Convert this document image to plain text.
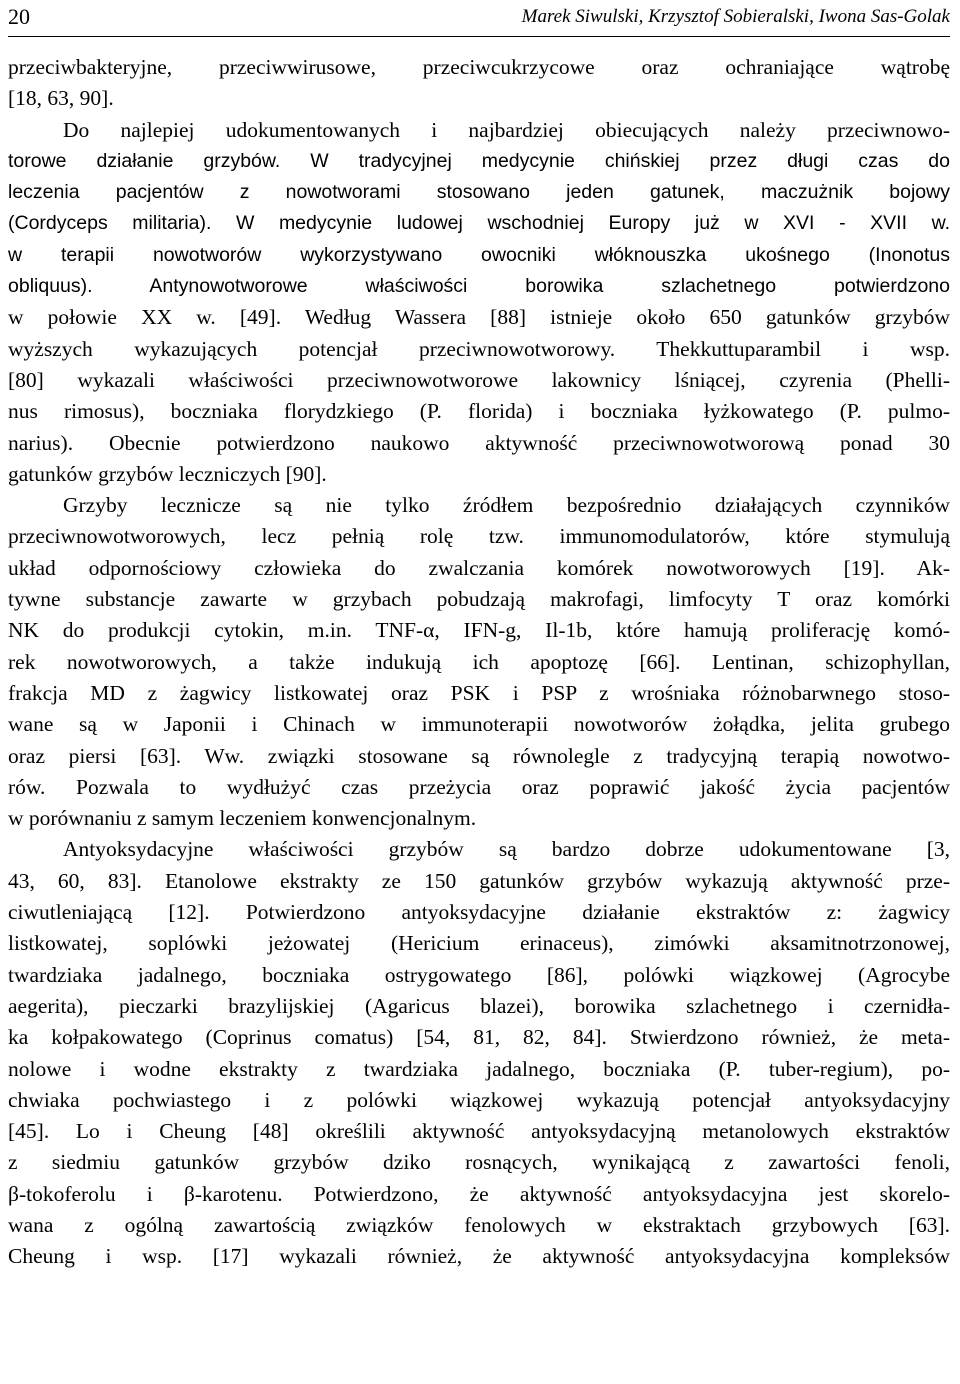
20	Marek Siwulski, Krzysztof Sobieralski, Iwona Sas-Golak
przeciwbakteryjne, przeciwwirusowe, przeciwcukrzycowe oraz ochraniające wątrobę
[18, 63, 90].
Do najlepiej udokumentowanych i najbardziej obiecujących należy przeciwnowo-
torowe działanie grzybów. W tradycyjnej medycynie chińskiej przez długi czas do
leczenia pacjentów z nowotworami stosowano jeden gatunek, maczużnik bojowy
(Cordyceps militaria). W medycynie ludowej wschodniej Europy już w XVI - XVII w.
w terapii nowotworów wykorzystywano owocniki włóknouszka ukośnego (Inonotus
obliquus). Antynowotworowe właściwości borowika szlachetnego potwierdzono
w połowie XX w. [49]. Według Wassera [88] istnieje około 650 gatunków grzybów
wyższych wykazujących potencjał przeciwnowotworowy. Thekkuttuparambil i wsp.
[80] wykazali właściwości przeciwnowotworowe lakownicy lśniącej, czyrenia (Phelli-
nus rimosus), boczniaka florydzkiego (P. florida) i boczniaka łyżkowatego (P. pulmo-
narius). Obecnie potwierdzono naukowo aktywność przeciwnowotworową ponad 30
gatunków grzybów leczniczych [90].
Grzyby lecznicze są nie tylko źródłem bezpośrednio działających czynników
przeciwnowotworowych, lecz pełnią rolę tzw. immunomodulatorów, które stymulują
układ odpornościowy człowieka do zwalczania komórek nowotworowych [19]. Ak-
tywne substancje zawarte w grzybach pobudzają makrofagi, limfocyty T oraz komórki
NK do produkcji cytokin, m.in. TNF-α, IFN-g, Il-1b, które hamują proliferację komó-
rek nowotworowych, a także indukują ich apoptozę [66]. Lentinan, schizophyllan,
frakcja MD z żagwicy listkowatej oraz PSK i PSP z wrośniaka różnobarwnego stoso-
wane są w Japonii i Chinach w immunoterapii nowotworów żołądka, jelita grubego
oraz piersi [63]. Ww. związki stosowane są równolegle z tradycyjną terapią nowotwo-
rów. Pozwala to wydłużyć czas przeżycia oraz poprawić jakość życia pacjentów
w porównaniu z samym leczeniem konwencjonalnym.
Antyoksydacyjne właściwości grzybów są bardzo dobrze udokumentowane [3,
43, 60, 83]. Etanolowe ekstrakty ze 150 gatunków grzybów wykazują aktywność prze-
ciwutleniającą [12]. Potwierdzono antyoksydacyjne działanie ekstraktów z: żagwicy
listkowatej, soplówki jeżowatej (Hericium erinaceus), zimówki aksamitnotrzonowej,
twardziaka jadalnego, boczniaka ostrygowatego [86], polówki wiązkowej (Agrocybe
aegerita), pieczarki brazylijskiej (Agaricus blazei), borowika szlachetnego i czernidła-
ka kołpakowatego (Coprinus comatus) [54, 81, 82, 84]. Stwierdzono również, że meta-
nolowe i wodne ekstrakty z twardziaka jadalnego, boczniaka (P. tuber-regium), po-
chwiaka pochwiastego i z polówki wiązkowej wykazują potencjał antyoksydacyjny
[45]. Lo i Cheung [48] określili aktywność antyoksydacyjną metanolowych ekstraktów
z siedmiu gatunków grzybów dziko rosnących, wynikającą z zawartości fenoli,
β-tokoferolu i β-karotenu. Potwierdzono, że aktywność antyoksydacyjna jest skorelo-
wana z ogólną zawartością związków fenolowych w ekstraktach grzybowych [63].
Cheung i wsp. [17] wykazali również, że aktywność antyoksydacyjna kompleksów
